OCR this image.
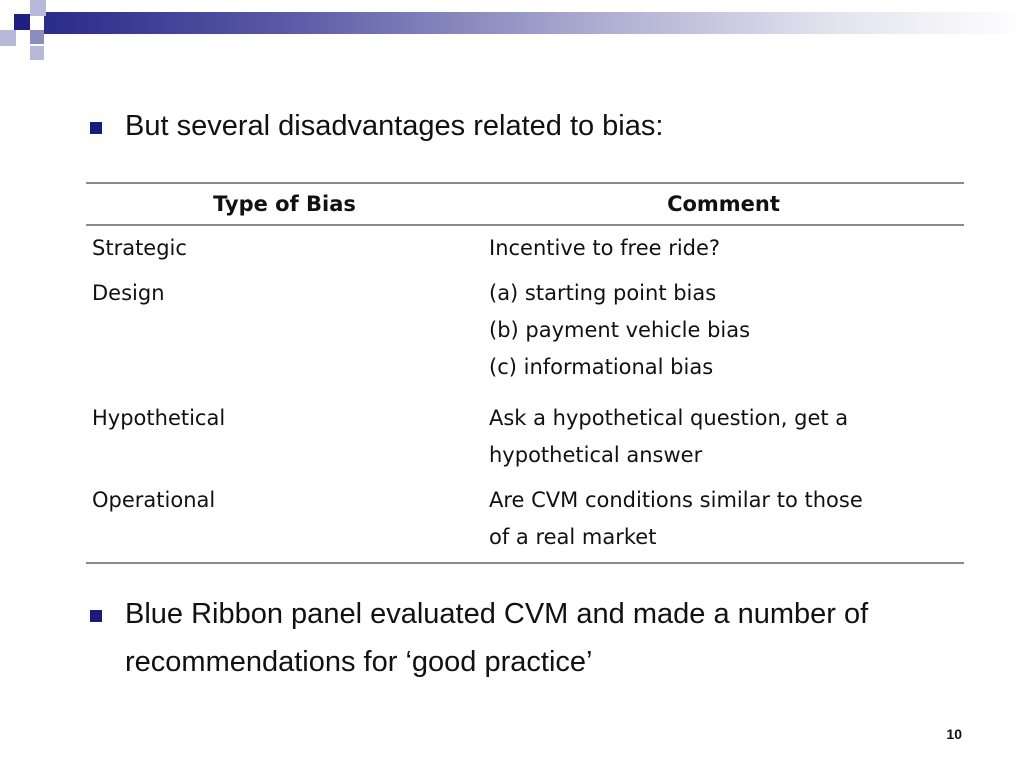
But several disadvantages related to bias:
Type of Bias	Comment
Strategic	Incentive to free ride?

Design	(a) starting point bias
(b) payment vehicle bias
(c) informational bias

Hypothetical	Ask a hypothetical question, get a
hypothetical answer

Operational	Are CVM conditions similar to those
of a real market
Blue Ribbon panel evaluated CVM and made a number of recommendations for ‘good practice’
10
